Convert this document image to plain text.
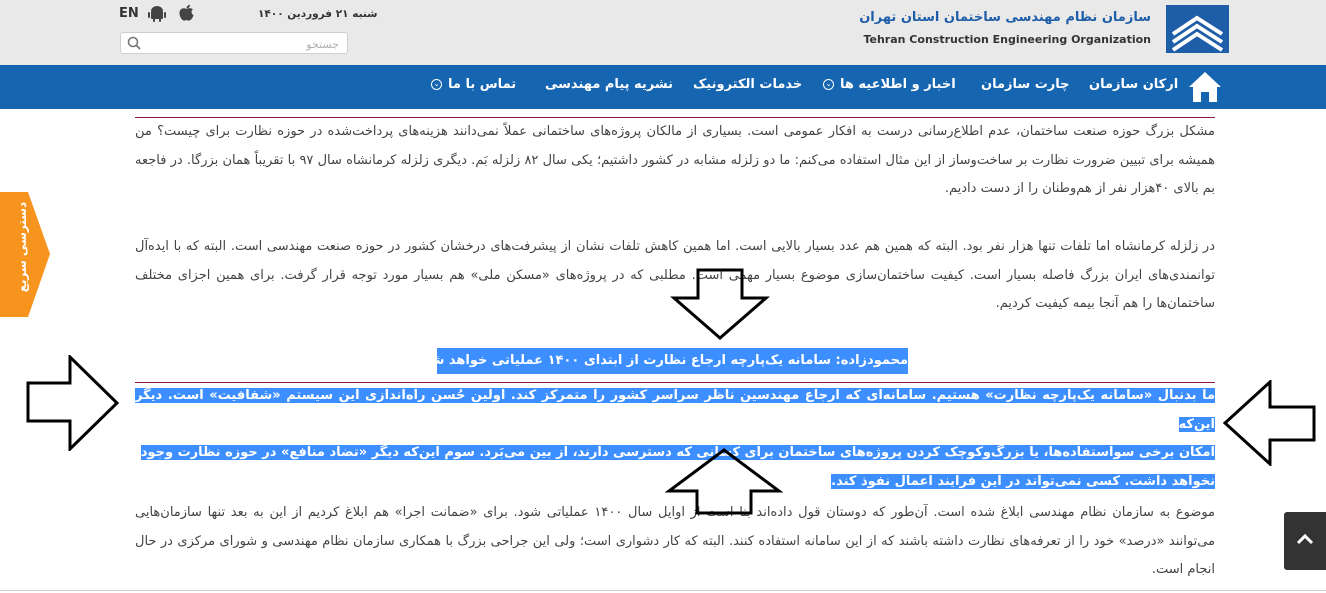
سازمان نظام مهندسی ساختمان استان تهران
Tehran Construction Engineering Organization
شنبه ۲۱ فروردین ۱۴۰۰
EN
جستجو
ارکان سازمان
چارت سازمان
اخبار و اطلاعیه ها⌄
خدمات الکترونیک
نشریه پیام مهندسی
تماس با ما⌄

مشکل بزرگ حوزه صنعت ساختمان، عدم اطلاع‌رسانی درست به افکار عمومی است. بسیاری از مالکان پروژه‌های ساختمانی عملاً نمی‌دانند هزینه‌های پرداخت‌شده در حوزه نظارت برای چیست؟ من همیشه برای تبیین ضرورت نظارت بر ساخت‌وساز از این مثال استفاده می‌کنم: ما دو زلزله مشابه در کشور داشتیم؛ یکی سال ۸۲ زلزله بَم. دیگری زلزله کرمانشاه سال ۹۷ با تقریباً همان بزرگا. در فاجعه بم بالای ۴۰هزار نفر از هم‌وطنان را از دست دادیم.

در زلزله کرمانشاه اما تلفات تنها هزار نفر بود. البته که همین هم عدد بسیار بالایی است. اما همین کاهش تلفات نشان از پیشرفت‌های درخشان کشور در حوزه صنعت مهندسی است. البته که با ایده‌آل توانمندی‌های ایران بزرگ فاصله بسیار است. کیفیت ساختمان‌سازی موضوع بسیار مهمی است. مطلبی که در پروژه‌های «مسکن ملی» هم بسیار مورد توجه قرار گرفت. برای همین اجزای مختلف ساختمان‌ها را هم آنجا بیمه کیفیت کردیم.

محمودزاده: سامانه یک‌پارچه ارجاع نظارت از ابتدای ۱۴۰۰ عملیاتی خواهد شد
ما بدنبال «سامانه یک‌پارچه نظارت» هستیم. سامانه‌ای که ارجاع مهندسین ناظر سراسر کشور را متمرکز کند. اولین حُسن راه‌اندازی این سیستم «شفافیت» است. دیگر این‌که
امکان برخی سواستفاده‌ها، یا بزرگ‌وکوچک کردن پروژه‌های ساختمان برای کسانی که دسترسی دارند، از بین می‌بَرد. سوم این‌که دیگر «تضاد منافع» در حوزه نظارت وجود
نخواهد داشت. کسی نمی‌تواند در این فرایند اعمال نفوذ کند.

موضوع به سازمان نظام مهندسی ابلاغ شده است. آن‌طور که دوستان قول داده‌اند بنا است از اوایل سال ۱۴۰۰ عملیاتی شود. برای «ضمانت اجرا» هم ابلاغ کردیم از این به بعد تنها سازمان‌هایی می‌توانند «درصد» خود را از تعرفه‌های نظارت داشته باشند که از این سامانه استفاده کنند. البته که کار دشواری است؛ ولی این جراحی بزرگ با همکاری سازمان نظام مهندسی و شورای مرکزی در حال انجام است.

دسترسی سریع
